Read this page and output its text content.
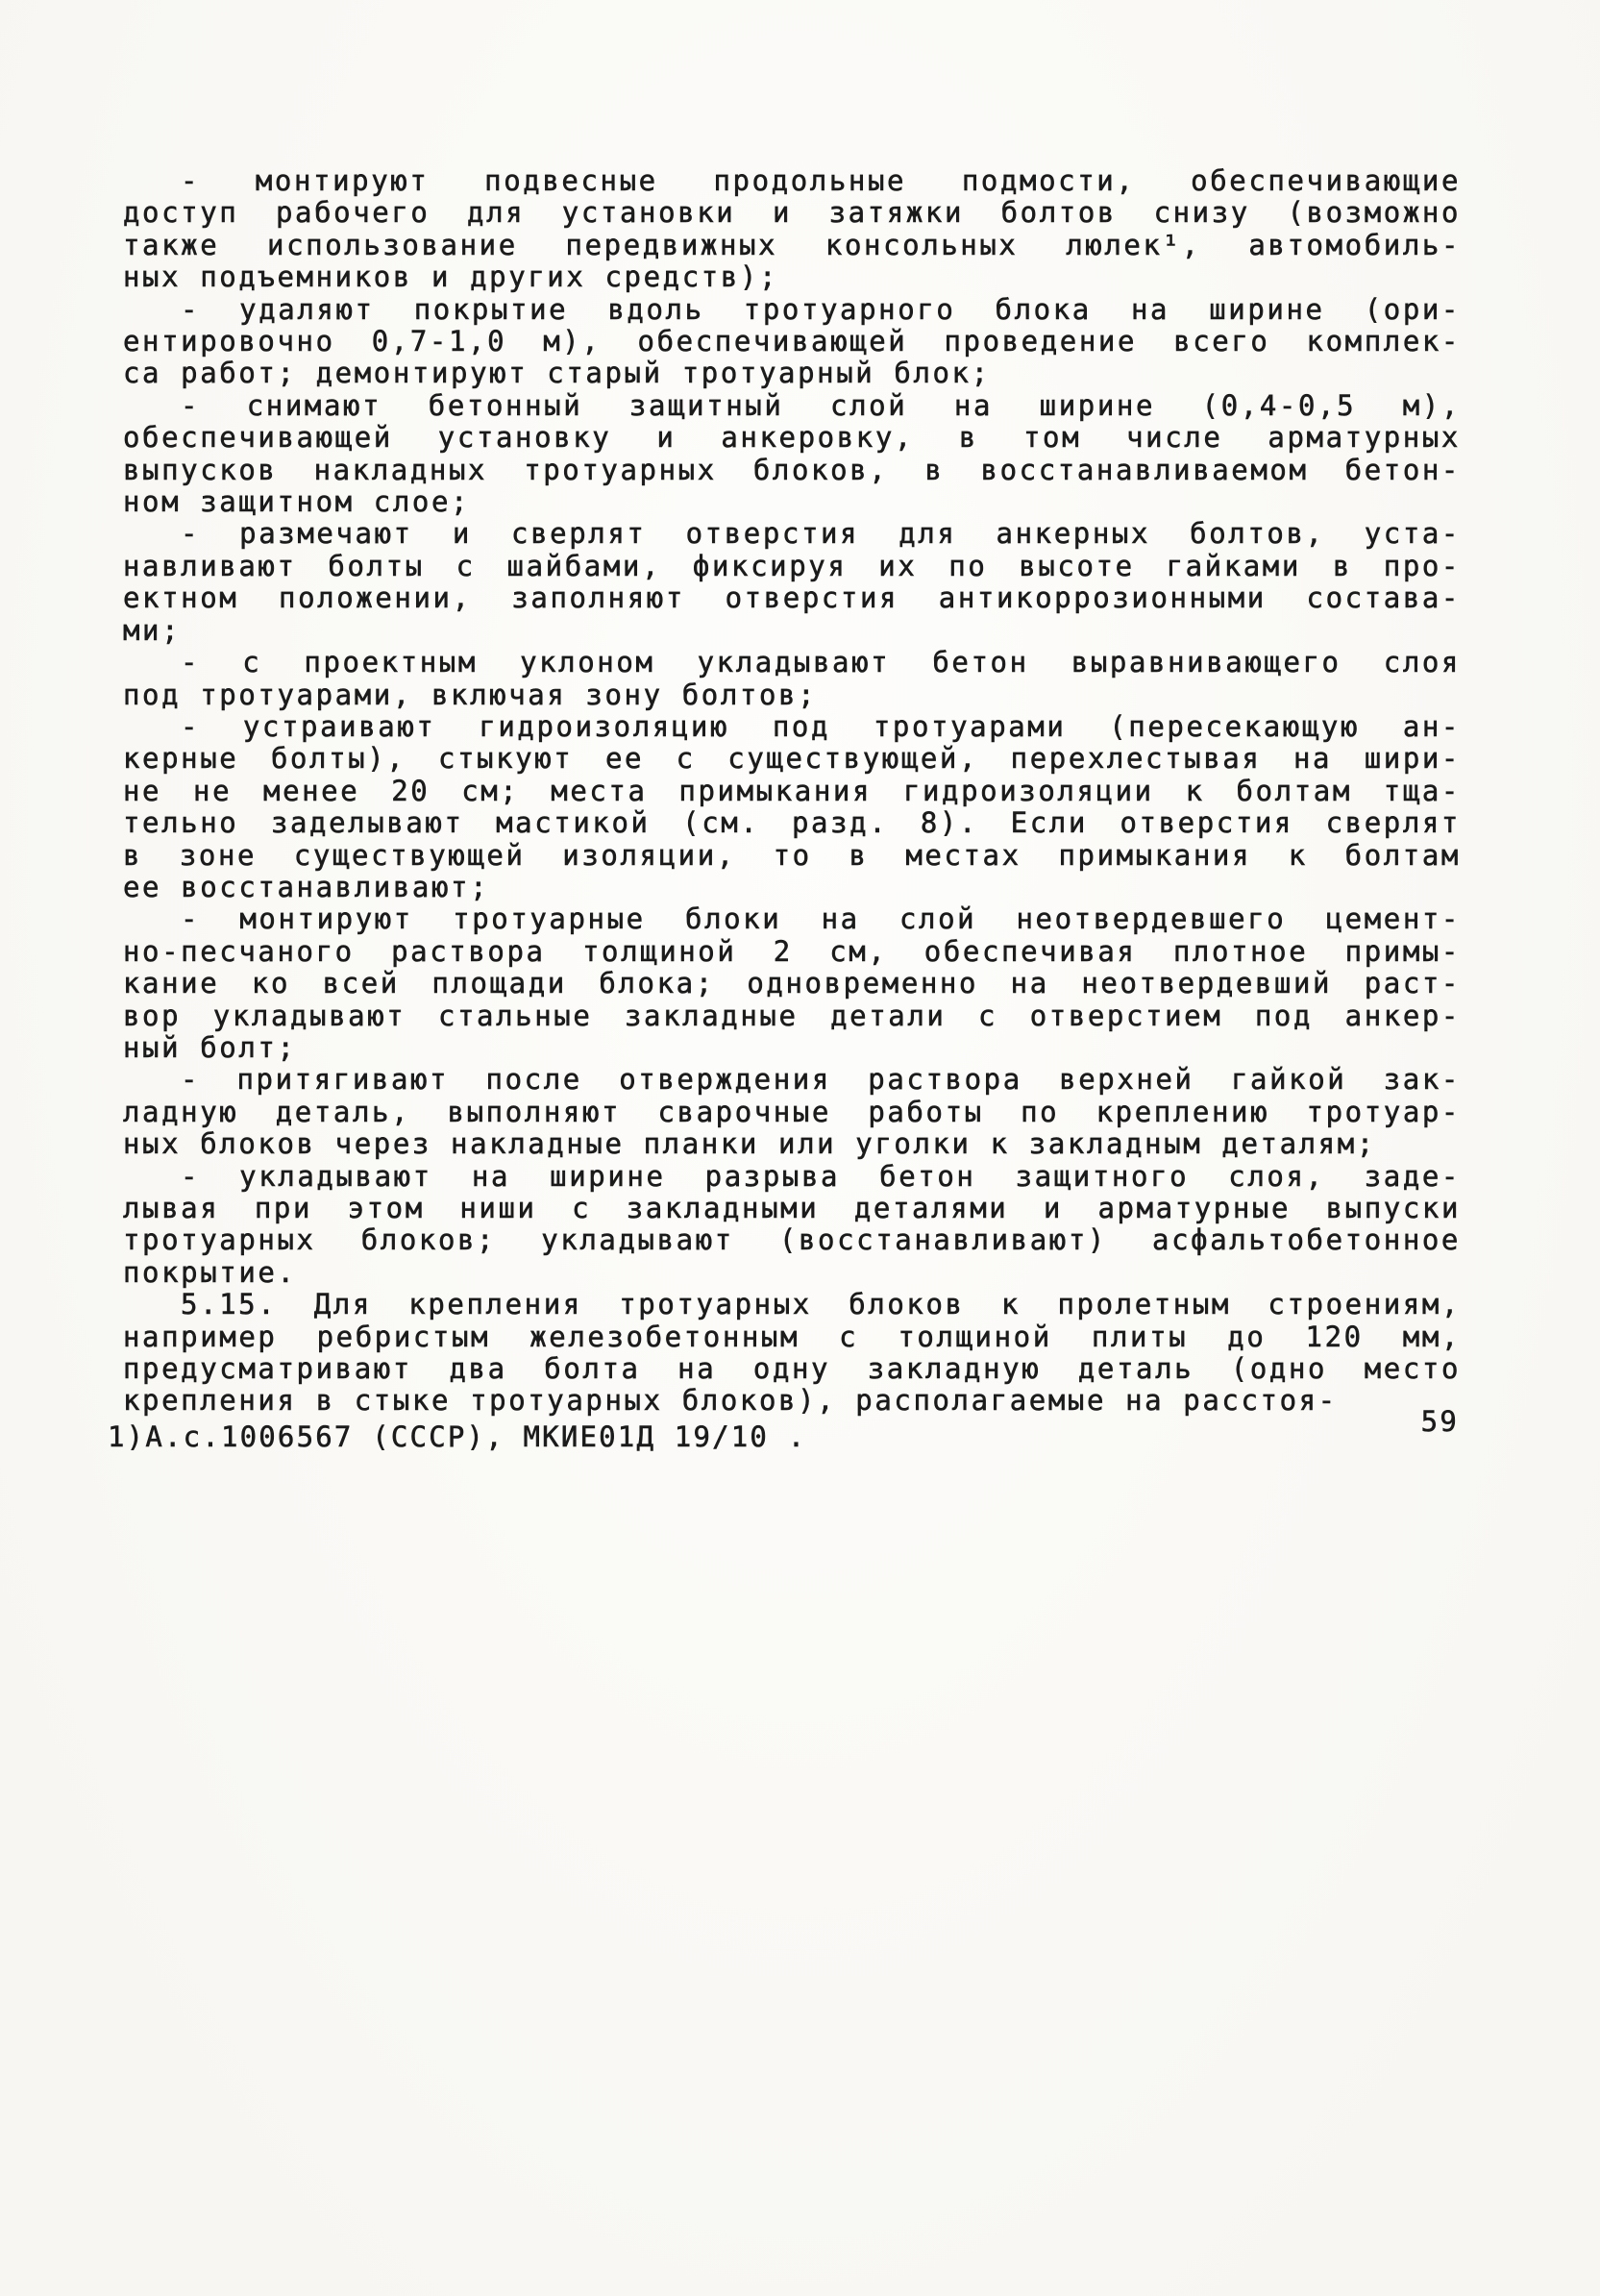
- монтируют подвесные продольные подмости, обеспечивающие
доступ рабочего для установки и затяжки болтов снизу (возможно
также использование передвижных консольных люлек¹, автомобиль-
ных подъемников и других средств);
- удаляют покрытие вдоль тротуарного блока на ширине (ори-
ентировочно 0,7-1,0 м), обеспечивающей проведение всего комплек-
са работ; демонтируют старый тротуарный блок;
- снимают бетонный защитный слой на ширине (0,4-0,5 м),
обеспечивающей установку и анкеровку, в том числе арматурных
выпусков накладных тротуарных блоков, в восстанавливаемом бетон-
ном защитном слое;
- размечают и сверлят отверстия для анкерных болтов, уста-
навливают болты с шайбами, фиксируя их по высоте гайками в про-
ектном положении, заполняют отверстия антикоррозионными состава-
ми;
- с проектным уклоном укладывают бетон выравнивающего слоя
под тротуарами, включая зону болтов;
- устраивают гидроизоляцию под тротуарами (пересекающую ан-
керные болты), стыкуют ее с существующей, перехлестывая на шири-
не не менее 20 см; места примыкания гидроизоляции к болтам тща-
тельно заделывают мастикой (см. разд. 8). Если отверстия сверлят
в зоне существующей изоляции, то в местах примыкания к болтам
ее восстанавливают;
- монтируют тротуарные блоки на слой неотвердевшего цемент-
но-песчаного раствора толщиной 2 см, обеспечивая плотное примы-
кание ко всей площади блока; одновременно на неотвердевший раст-
вор укладывают стальные закладные детали с отверстием под анкер-
ный болт;
- притягивают после отверждения раствора верхней гайкой зак-
ладную деталь, выполняют сварочные работы по креплению тротуар-
ных блоков через накладные планки или уголки к закладным деталям;
- укладывают на ширине разрыва бетон защитного слоя, заде-
лывая при этом ниши с закладными деталями и арматурные выпуски
тротуарных блоков; укладывают (восстанавливают) асфальтобетонное
покрытие.
5.15. Для крепления тротуарных блоков к пролетным строениям,
например ребристым железобетонным с толщиной плиты до 120 мм,
предусматривают два болта на одну закладную деталь (одно место
крепления в стыке тротуарных блоков), располагаемые на расстоя-
1)А.с.1006567 (СССР), МКИЕ01Д 19/10 .	59
